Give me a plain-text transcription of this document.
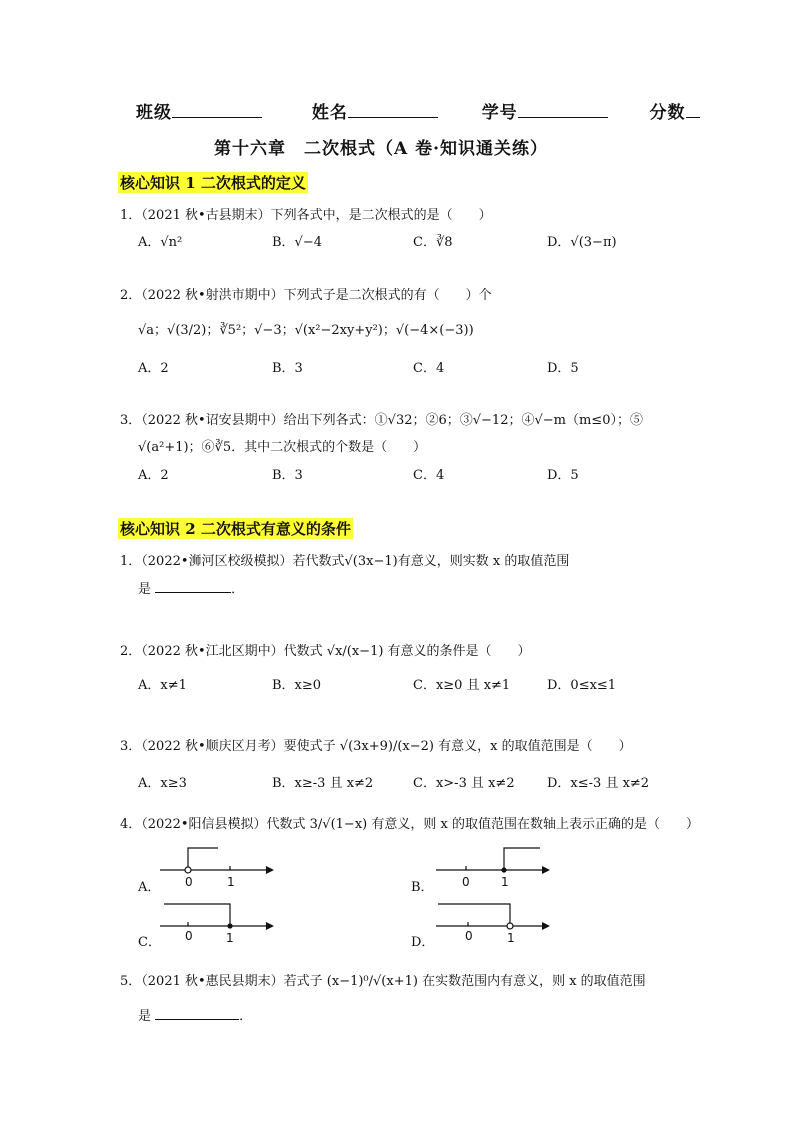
班级	姓名	学号	分数
第十六章　二次根式（A 卷·知识通关练）
核心知识 1 二次根式的定义
1．（2021 秋•古县期末）下列各式中，是二次根式的是（　　）
A．√n²	B．√−4	C．∛8	D．√(3−π)
2．（2022 秋•射洪市期中）下列式子是二次根式的有（　　）个
√a；√(3/2)；∛5²；√−3；√(x²−2xy+y²)；√(−4×(−3))
A．2	B．3	C．4	D．5
3．（2022 秋•诏安县期中）给出下列各式：①√32；②6；③√−12；④√−m（m≤0）；⑤
√(a²+1)；⑥∛5．其中二次根式的个数是（　　）
A．2	B．3	C．4	D．5
核心知识 2 二次根式有意义的条件
1．（2022•浉河区校级模拟）若代数式√(3x−1)有意义，则实数 x 的取值范围
是	．
2．（2022 秋•江北区期中）代数式 √x/(x−1) 有意义的条件是（　　）
A．x≠1	B．x≥0	C．x≥0 且 x≠1	D．0≤x≤1
3．（2022 秋•顺庆区月考）要使式子 √(3x+9)/(x−2) 有意义，x 的取值范围是（　　）
A．x≥3	B．x≥-3 且 x≠2	C．x>-3 且 x≠2 D．x≤-3 且 x≠2
4．（2022•阳信县模拟）代数式 3/√(1−x) 有意义，则 x 的取值范围在数轴上表示正确的是（　　）
A． 0	1	B． 0	1
C． 0	1	D．	0	1
5．（2021 秋•惠民县期末）若式子 (x−1)⁰/√(x+1) 在实数范围内有意义，则 x 的取值范围
是	．
